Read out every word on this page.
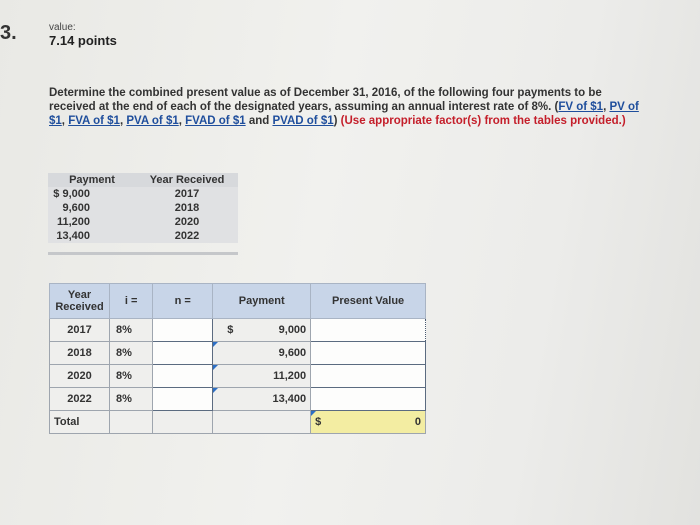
3.	value:
7.14 points
Determine the combined present value as of December 31, 2016, of the following four payments to be received at the end of each of the designated years, assuming an annual interest rate of 8%. (FV of $1, PV of $1, FVA of $1, PVA of $1, FVAD of $1 and PVAD of $1) (Use appropriate factor(s) from the tables provided.)
Payment	Year Received
$ 9,000	2017
9,600	2018
11,200	2020
13,400	2022
Year Received	i =	n =	Payment	Present Value
2017	8%		$ 9,000	
2018	8%		9,600	
2020	8%		11,200	
2022	8%		13,400	
Total				$ 0
